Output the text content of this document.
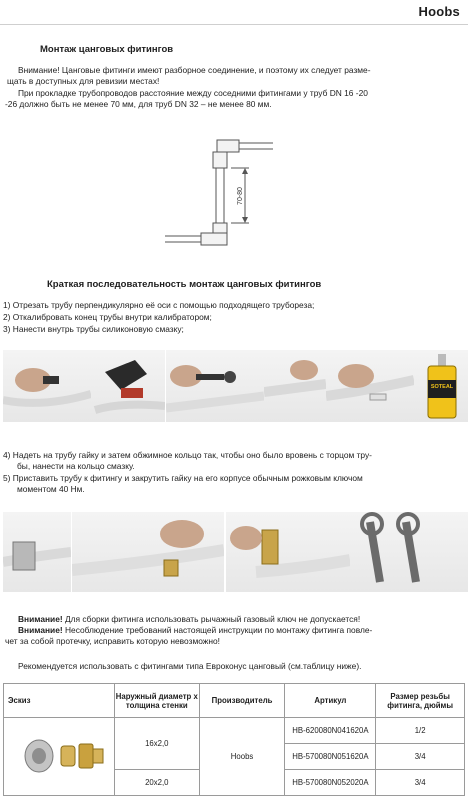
Hoobs
Монтаж цанговых фитингов
Внимание! Цанговые фитинги имеют разборное соединение, и поэтому их следует разме-
щать в доступных для ревизии местах!
При прокладке трубопроводов расстояние между соседними фитингами у труб DN 16 -20
-26 должно быть не менее 70 мм, для труб DN 32 – не менее 80 мм.
70-80
Краткая последовательность монтаж цанговых фитингов
1) Отрезать трубу перпендикулярно её оси с помощью подходящего трубореза;
2) Откалибровать конец трубы внутри калибратором;
3) Нанести внутрь трубы силиконовую смазку;
SOTEAL
4) Надеть на трубу гайку и затем обжимное кольцо так, чтобы оно было вровень с торцом тру-
бы, нанести на кольцо смазку.
5) Приставить трубу к фитингу и закрутить гайку на его корпусе обычным рожковым ключом
моментом 40 Нм.
Внимание! Для сборки фитинга использовать рычажный газовый ключ не допускается!
Внимание! Несоблюдение требований настоящей инструкции по монтажу фитинга повле-
чет за собой протечку, исправить которую невозможно!
Рекомендуется использовать с фитингами типа Евроконус цанговый (см.таблицу ниже).
Эскиз	Наружный диаметр х толщина стенки	Производитель	Артикул	Размер резьбы фитинга, дюймы
	16x2,0	Hoobs	HB-620080N041620A	1/2
			HB-570080N051620A	3/4
	20x2,0		HB-570080N052020A	3/4
